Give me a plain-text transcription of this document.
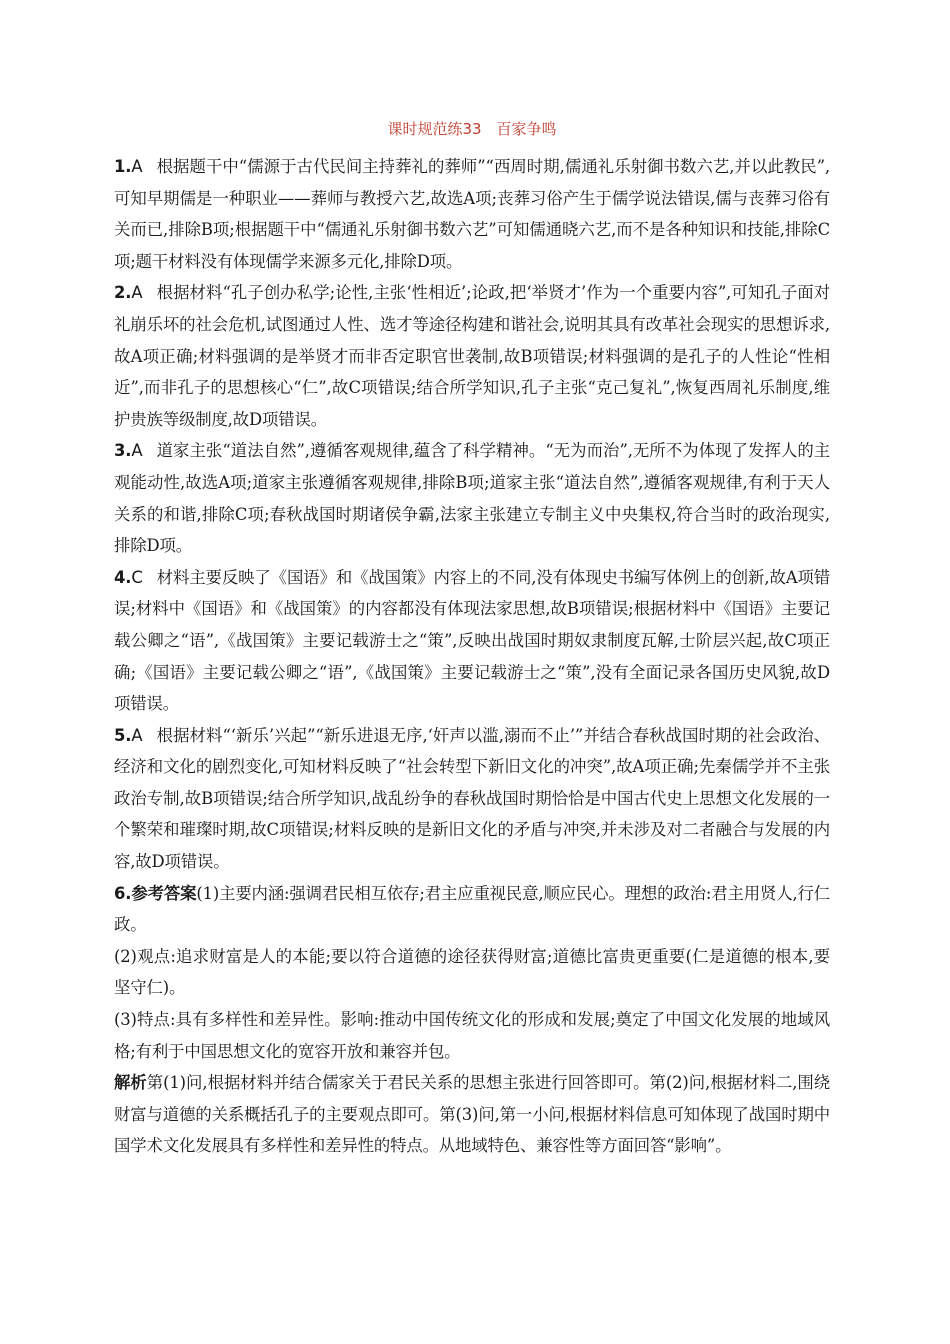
课时规范练33　百家争鸣

1.A 根据题干中“儒源于古代民间主持葬礼的葬师”“西周时期,儒通礼乐射御书数六艺,并以此教民”,可知早期儒是一种职业——葬师与教授六艺,故选A项;丧葬习俗产生于儒学说法错误,儒与丧葬习俗有关而已,排除B项;根据题干中“儒通礼乐射御书数六艺”可知儒通晓六艺,而不是各种知识和技能,排除C项;题干材料没有体现儒学来源多元化,排除D项。

2.A 根据材料“孔子创办私学;论性,主张‘性相近’;论政,把‘举贤才’作为一个重要内容”,可知孔子面对礼崩乐坏的社会危机,试图通过人性、选才等途径构建和谐社会,说明其具有改革社会现实的思想诉求,故A项正确;材料强调的是举贤才而非否定职官世袭制,故B项错误;材料强调的是孔子的人性论“性相近”,而非孔子的思想核心“仁”,故C项错误;结合所学知识,孔子主张“克己复礼”,恢复西周礼乐制度,维护贵族等级制度,故D项错误。

3.A 道家主张“道法自然”,遵循客观规律,蕴含了科学精神。“无为而治”,无所不为体现了发挥人的主观能动性,故选A项;道家主张遵循客观规律,排除B项;道家主张“道法自然”,遵循客观规律,有利于天人关系的和谐,排除C项;春秋战国时期诸侯争霸,法家主张建立专制主义中央集权,符合当时的政治现实,排除D项。

4.C 材料主要反映了《国语》和《战国策》内容上的不同,没有体现史书编写体例上的创新,故A项错误;材料中《国语》和《战国策》的内容都没有体现法家思想,故B项错误;根据材料中《国语》主要记载公卿之“语”,《战国策》主要记载游士之“策”,反映出战国时期奴隶制度瓦解,士阶层兴起,故C项正确;《国语》主要记载公卿之“语”,《战国策》主要记载游士之“策”,没有全面记录各国历史风貌,故D项错误。

5.A 根据材料“‘新乐’兴起”“新乐进退无序,‘奸声以滥,溺而不止’”并结合春秋战国时期的社会政治、经济和文化的剧烈变化,可知材料反映了“社会转型下新旧文化的冲突”,故A项正确;先秦儒学并不主张政治专制,故B项错误;结合所学知识,战乱纷争的春秋战国时期恰恰是中国古代史上思想文化发展的一个繁荣和璀璨时期,故C项错误;材料反映的是新旧文化的矛盾与冲突,并未涉及对二者融合与发展的内容,故D项错误。

6.参考答案(1)主要内涵:强调君民相互依存;君主应重视民意,顺应民心。理想的政治:君主用贤人,行仁政。

(2)观点:追求财富是人的本能;要以符合道德的途径获得财富;道德比富贵更重要(仁是道德的根本,要坚守仁)。

(3)特点:具有多样性和差异性。影响:推动中国传统文化的形成和发展;奠定了中国文化发展的地域风格;有利于中国思想文化的宽容开放和兼容并包。

解析第(1)问,根据材料并结合儒家关于君民关系的思想主张进行回答即可。第(2)问,根据材料二,围绕财富与道德的关系概括孔子的主要观点即可。第(3)问,第一小问,根据材料信息可知体现了战国时期中国学术文化发展具有多样性和差异性的特点。从地域特色、兼容性等方面回答“影响”。
